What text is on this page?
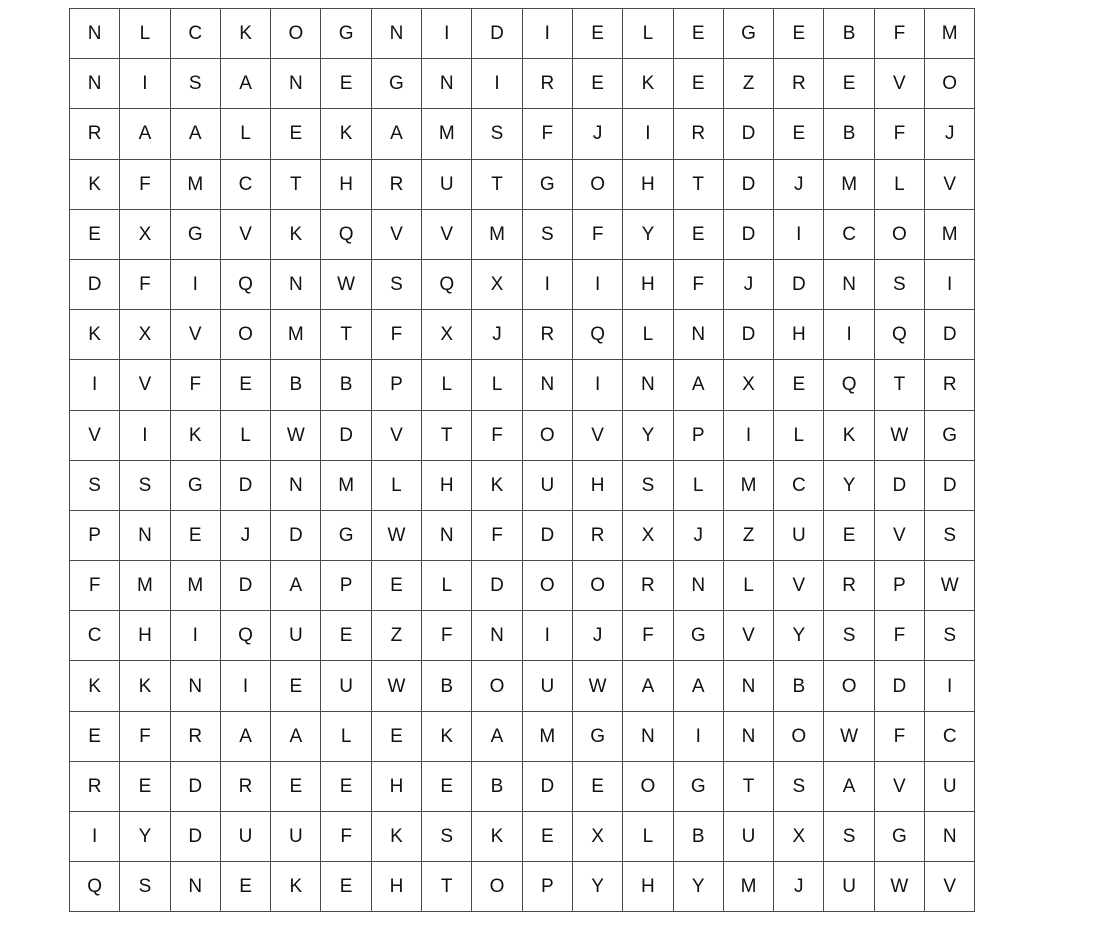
N	L	C	K	O	G	N	I	D	I	E	L	E	G	E	B	F	M
N	I	S	A	N	E	G	N	I	R	E	K	E	Z	R	E	V	O
R	A	A	L	E	K	A	M	S	F	J	I	R	D	E	B	F	J
K	F	M	C	T	H	R	U	T	G	O	H	T	D	J	M	L	V
E	X	G	V	K	Q	V	V	M	S	F	Y	E	D	I	C	O	M
D	F	I	Q	N	W	S	Q	X	I	I	H	F	J	D	N	S	I
K	X	V	O	M	T	F	X	J	R	Q	L	N	D	H	I	Q	D
I	V	F	E	B	B	P	L	L	N	I	N	A	X	E	Q	T	R
V	I	K	L	W	D	V	T	F	O	V	Y	P	I	L	K	W	G
S	S	G	D	N	M	L	H	K	U	H	S	L	M	C	Y	D	D
P	N	E	J	D	G	W	N	F	D	R	X	J	Z	U	E	V	S
F	M	M	D	A	P	E	L	D	O	O	R	N	L	V	R	P	W
C	H	I	Q	U	E	Z	F	N	I	J	F	G	V	Y	S	F	S
K	K	N	I	E	U	W	B	O	U	W	A	A	N	B	O	D	I
E	F	R	A	A	L	E	K	A	M	G	N	I	N	O	W	F	C
R	E	D	R	E	E	H	E	B	D	E	O	G	T	S	A	V	U
I	Y	D	U	U	F	K	S	K	E	X	L	B	U	X	S	G	N
Q	S	N	E	K	E	H	T	O	P	Y	H	Y	M	J	U	W	V
